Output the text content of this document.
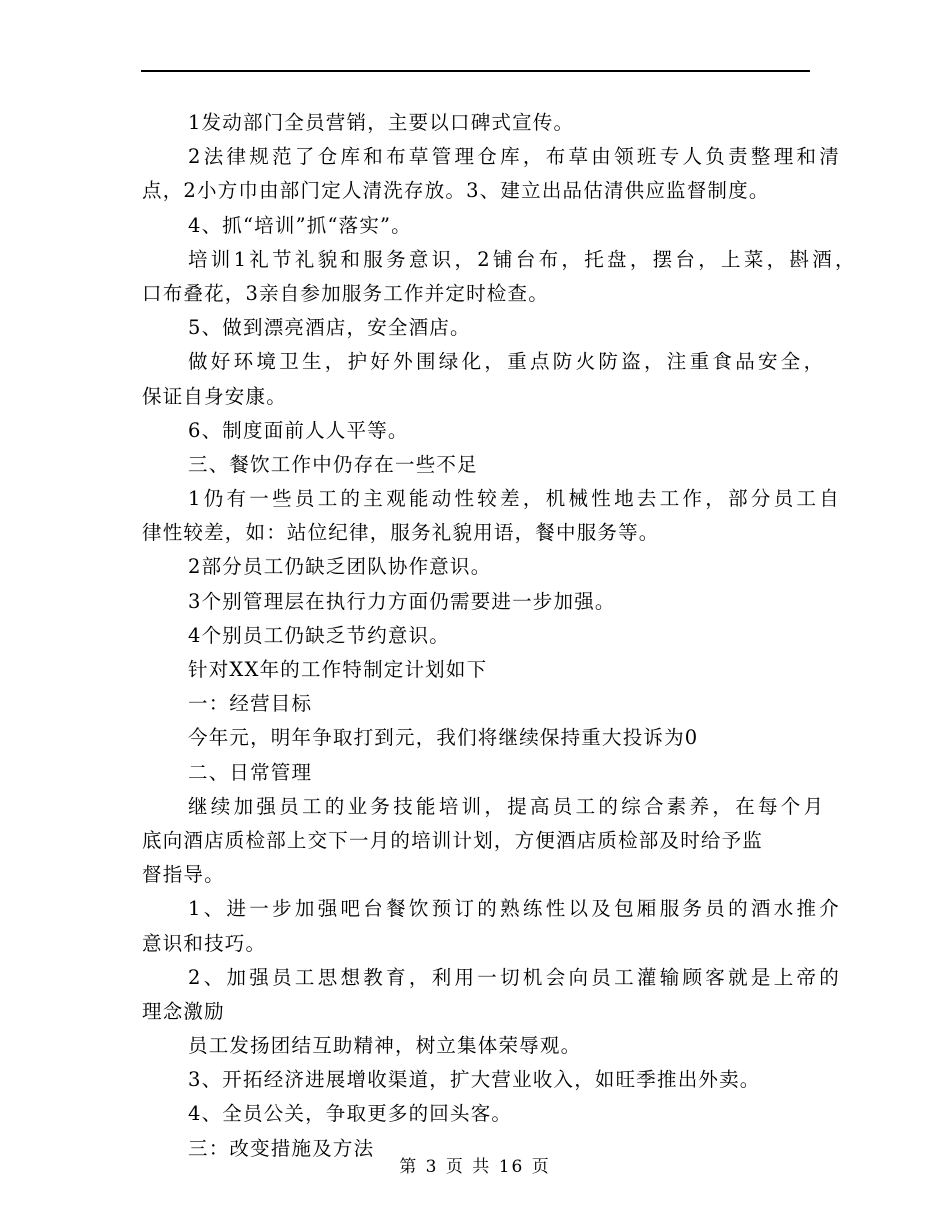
1发动部门全员营销，主要以口碑式宣传。
2法律规范了仓库和布草管理仓库，布草由领班专人负责整理和清
点，2小方巾由部门定人清洗存放。3、建立出品估清供应监督制度。
4、抓“培训”抓“落实”。
培训1礼节礼貌和服务意识，2铺台布，托盘，摆台，上菜，斟酒，
口布叠花，3亲自参加服务工作并定时检查。
5、做到漂亮酒店，安全酒店。
做好环境卫生，护好外围绿化，重点防火防盗，注重食品安全，
保证自身安康。
6、制度面前人人平等。
三、餐饮工作中仍存在一些不足
1仍有一些员工的主观能动性较差，机械性地去工作，部分员工自
律性较差，如：站位纪律，服务礼貌用语，餐中服务等。
2部分员工仍缺乏团队协作意识。
3个别管理层在执行力方面仍需要进一步加强。
4个别员工仍缺乏节约意识。
针对XX年的工作特制定计划如下
一：经营目标
今年元，明年争取打到元，我们将继续保持重大投诉为0
二、日常管理
继续加强员工的业务技能培训，提高员工的综合素养，在每个月
底向酒店质检部上交下一月的培训计划，方便酒店质检部及时给予监
督指导。
1、进一步加强吧台餐饮预订的熟练性以及包厢服务员的酒水推介
意识和技巧。
2、加强员工思想教育，利用一切机会向员工灌输顾客就是上帝的
理念激励
员工发扬团结互助精神，树立集体荣辱观。
3、开拓经济进展增收渠道，扩大营业收入，如旺季推出外卖。
4、全员公关，争取更多的回头客。
三：改变措施及方法
第 3 页 共 16 页
